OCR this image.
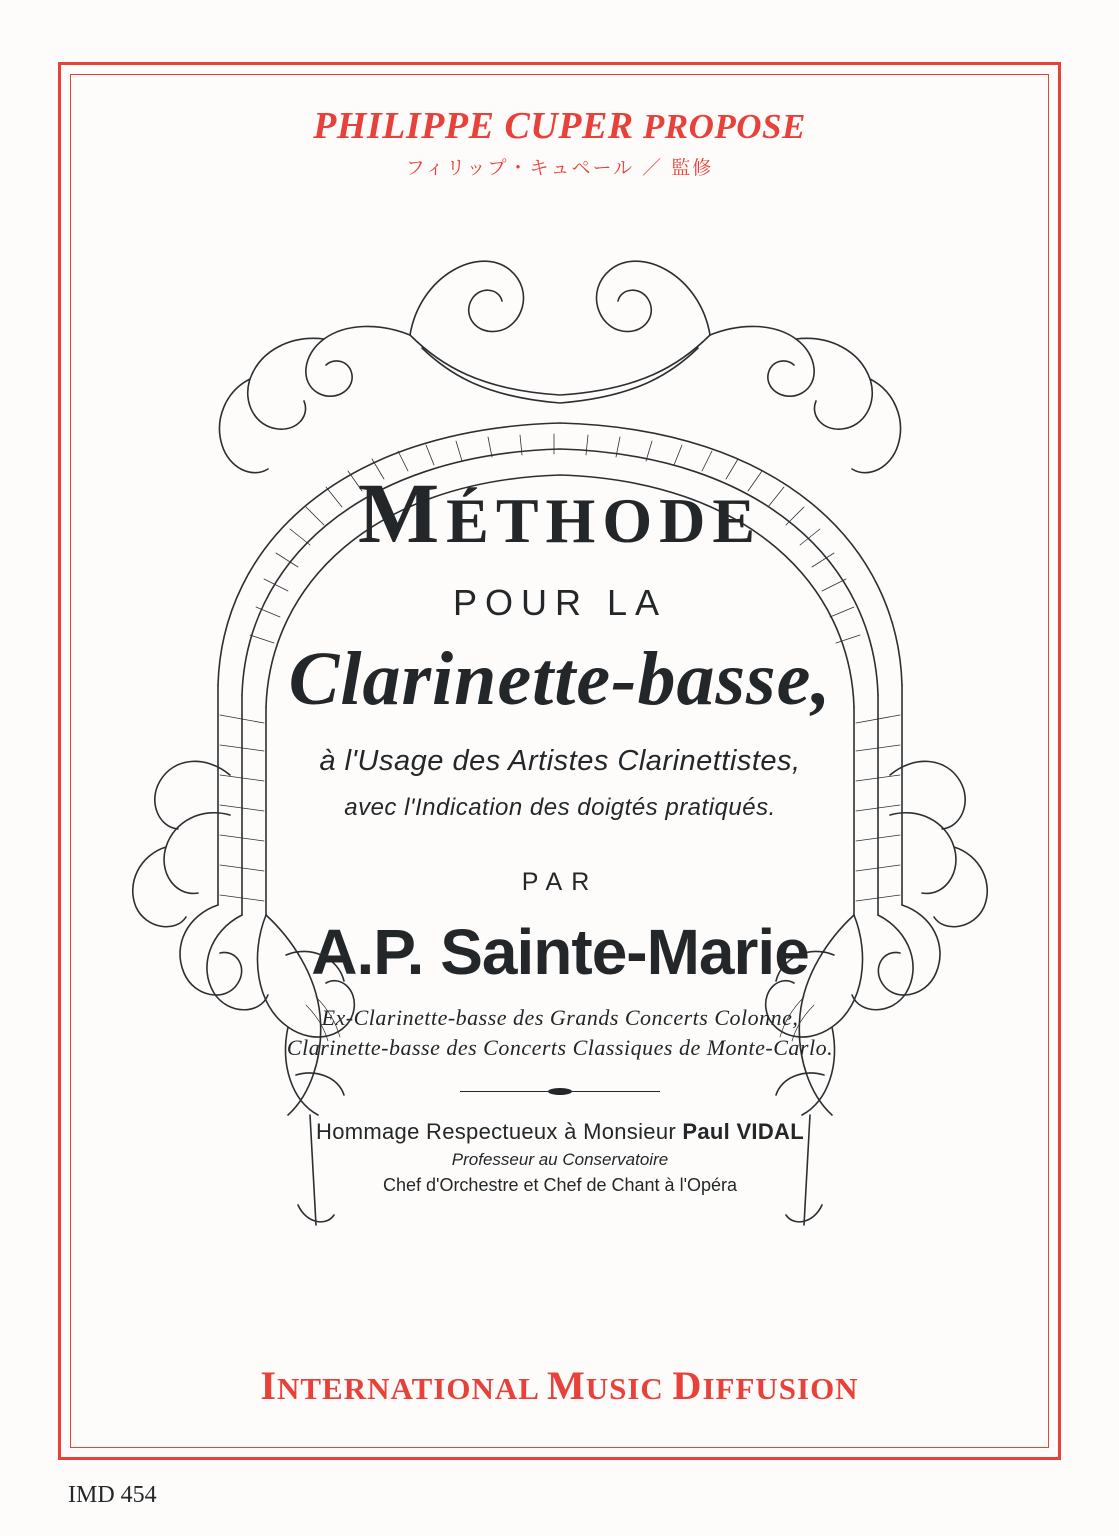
PHILIPPE CUPER PROPOSE
フィリップ・キュペール ／ 監修
MÉTHODE
POUR LA
Clarinette-basse,
à l'Usage des Artistes Clarinettistes,
avec l'Indication des doigtés pratiqués.
PAR
A.P. Sainte-Marie
Ex-Clarinette-basse des Grands Concerts Colonne,
Clarinette-basse des Concerts Classiques de Monte-Carlo.
Hommage Respectueux à Monsieur Paul VIDAL
Professeur au Conservatoire
Chef d'Orchestre et Chef de Chant à l'Opéra
INTERNATIONAL MUSIC DIFFUSION
IMD 454
